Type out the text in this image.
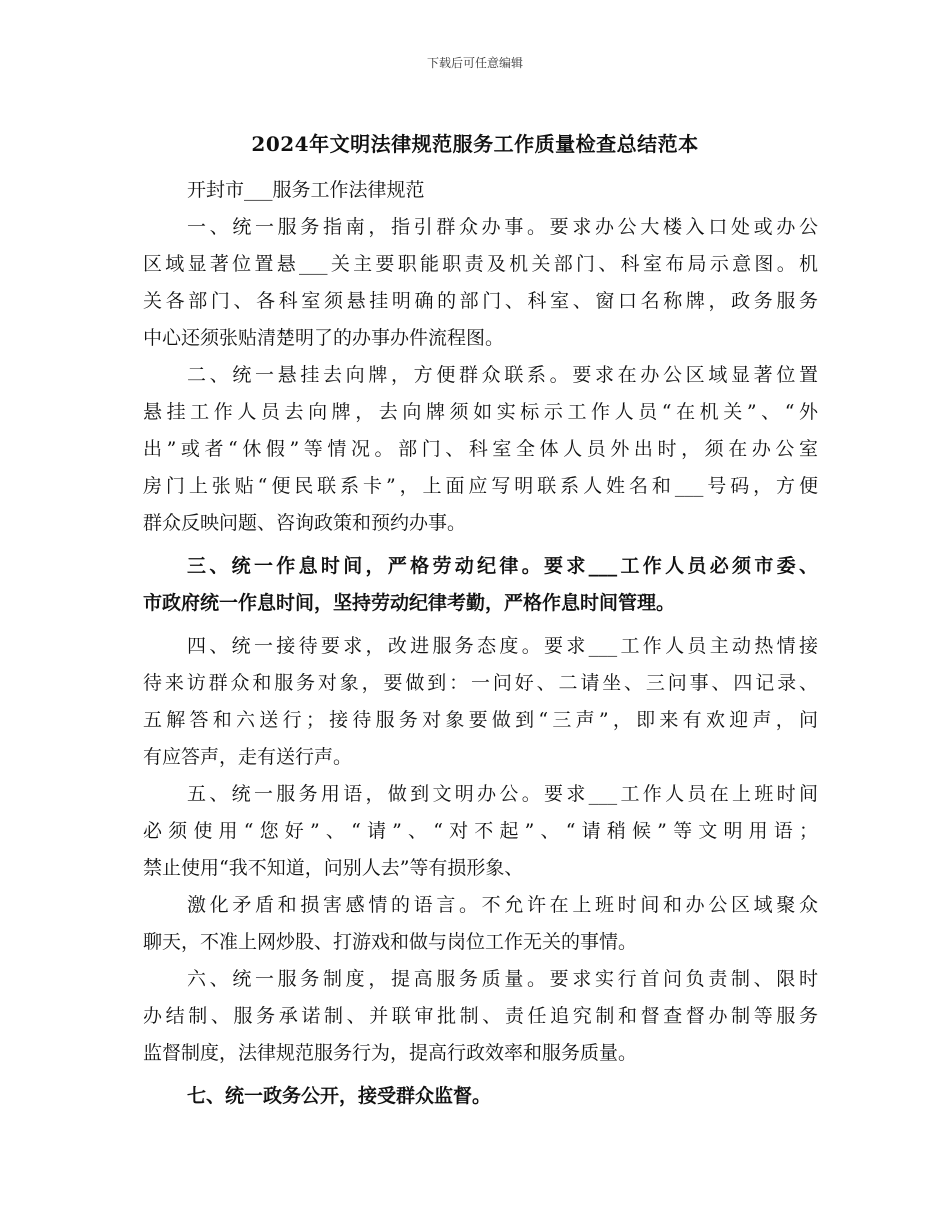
下载后可任意编辑
2024年文明法律规范服务工作质量检查总结范本
开封市___服务工作法律规范
一、统一服务指南，指引群众办事。要求办公大楼入口处或办公
区域显著位置悬___关主要职能职责及机关部门、科室布局示意图。机
关各部门、各科室须悬挂明确的部门、科室、窗口名称牌，政务服务
中心还须张贴清楚明了的办事办件流程图。
二、统一悬挂去向牌，方便群众联系。要求在办公区域显著位置
悬挂工作人员去向牌，去向牌须如实标示工作人员“在机关”、“外
出”或者“休假”等情况。部门、科室全体人员外出时，须在办公室
房门上张贴“便民联系卡”，上面应写明联系人姓名和___号码，方便
群众反映问题、咨询政策和预约办事。
三、统一作息时间，严格劳动纪律。要求___工作人员必须市委、
市政府统一作息时间，坚持劳动纪律考勤，严格作息时间管理。
四、统一接待要求，改进服务态度。要求___工作人员主动热情接
待来访群众和服务对象，要做到：一问好、二请坐、三问事、四记录、
五解答和六送行；接待服务对象要做到“三声”，即来有欢迎声，问
有应答声，走有送行声。
五、统一服务用语，做到文明办公。要求___工作人员在上班时间
必须使用“您好”、“请”、“对不起”、“请稍候”等文明用语；
禁止使用“我不知道，问别人去”等有损形象、
激化矛盾和损害感情的语言。不允许在上班时间和办公区域聚众
聊天，不准上网炒股、打游戏和做与岗位工作无关的事情。
六、统一服务制度，提高服务质量。要求实行首问负责制、限时
办结制、服务承诺制、并联审批制、责任追究制和督查督办制等服务
监督制度，法律规范服务行为，提高行政效率和服务质量。
七、统一政务公开，接受群众监督。
